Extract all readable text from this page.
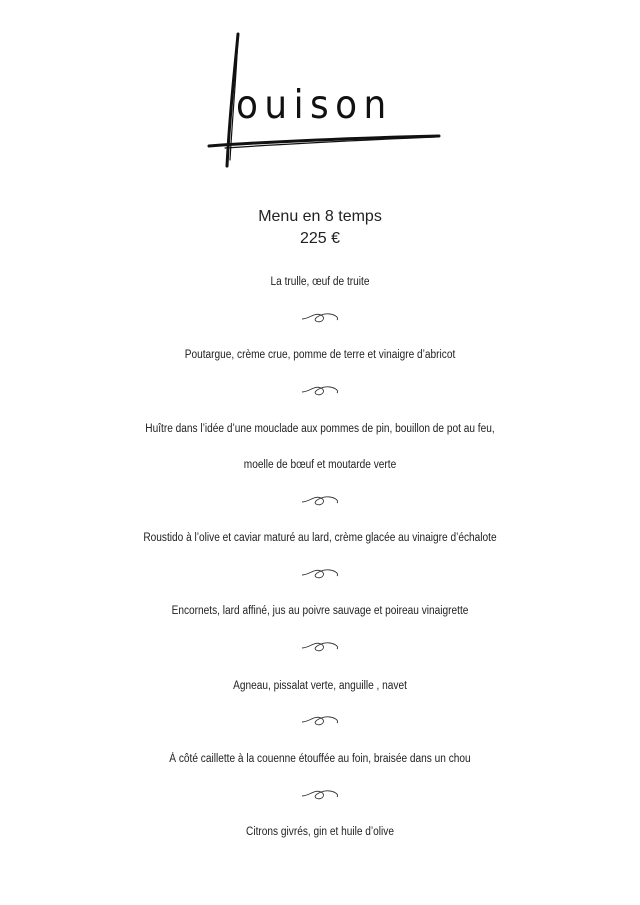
ouison
Menu en 8 temps
225 €
La trulle, œuf de truite
Poutargue, crème crue, pomme de terre et vinaigre d’abricot
Huître dans l’idée d’une mouclade aux pommes de pin, bouillon de pot au feu,
moelle de bœuf et moutarde verte
Roustido à l’olive et caviar maturé au lard, crème glacée au vinaigre d’échalote
Encornets, lard affiné, jus au poivre sauvage et poireau vinaigrette
Agneau, pissalat verte, anguille , navet
À côté caillette à la couenne étouffée au foin, braisée dans un chou
Citrons givrés, gin et huile d’olive
